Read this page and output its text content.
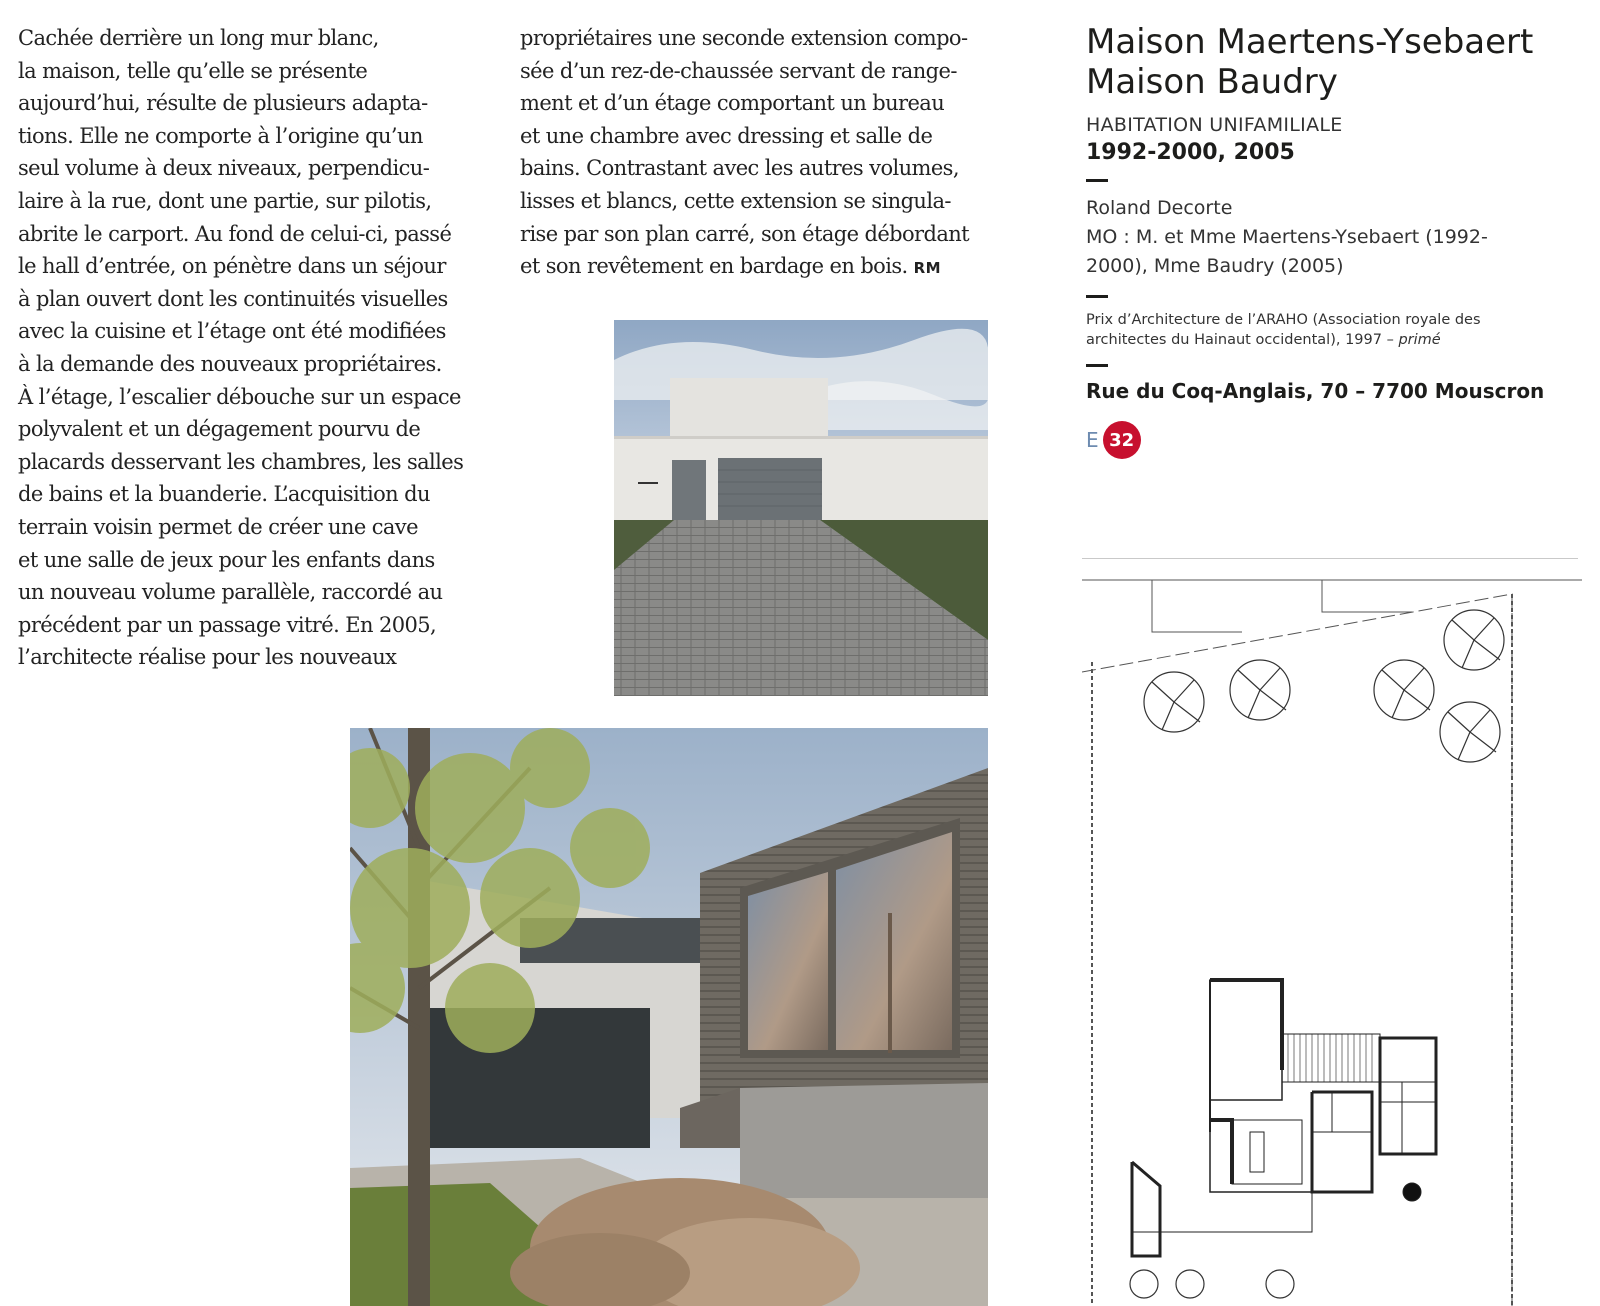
Cachée derrière un long mur blanc,

la maison, telle qu’elle se présente

aujourd’hui, résulte de plusieurs adapta-

tions. Elle ne comporte à l’origine qu’un

seul volume à deux niveaux, perpendicu-

laire à la rue, dont une partie, sur pilotis,

abrite le carport. Au fond de celui-ci, passé

le hall d’entrée, on pénètre dans un séjour

à plan ouvert dont les continuités visuelles

avec la cuisine et l’étage ont été modifiées

à la demande des nouveaux propriétaires.

À l’étage, l’escalier débouche sur un espace

polyvalent et un dégagement pourvu de

placards desservant les chambres, les salles

de bains et la buanderie. L’acquisition du

terrain voisin permet de créer une cave

et une salle de jeux pour les enfants dans

un nouveau volume parallèle, raccordé au

précédent par un passage vitré. En 2005,

l’architecte réalise pour les nouveaux

propriétaires une seconde extension compo-

sée d’un rez-de-chaussée servant de range-

ment et d’un étage comportant un bureau

et une chambre avec dressing et salle de

bains. Contrastant avec les autres volumes,

lisses et blancs, cette extension se singula-

rise par son plan carré, son étage débordant

et son revêtement en bardage en bois. RM

Maison Maertens-Ysebaert
Maison Baudry
HABITATION UNIFAMILIALE
1992-2000, 2005
Roland Decorte
MO : M. et Mme Maertens-Ysebaert (1992-
2000), Mme Baudry (2005)
Prix d’Architecture de l’ARAHO (Association royale des
architectes du Hainaut occidental), 1997 – primé
Rue du Coq-Anglais, 70 – 7700 Mouscron
E 32
